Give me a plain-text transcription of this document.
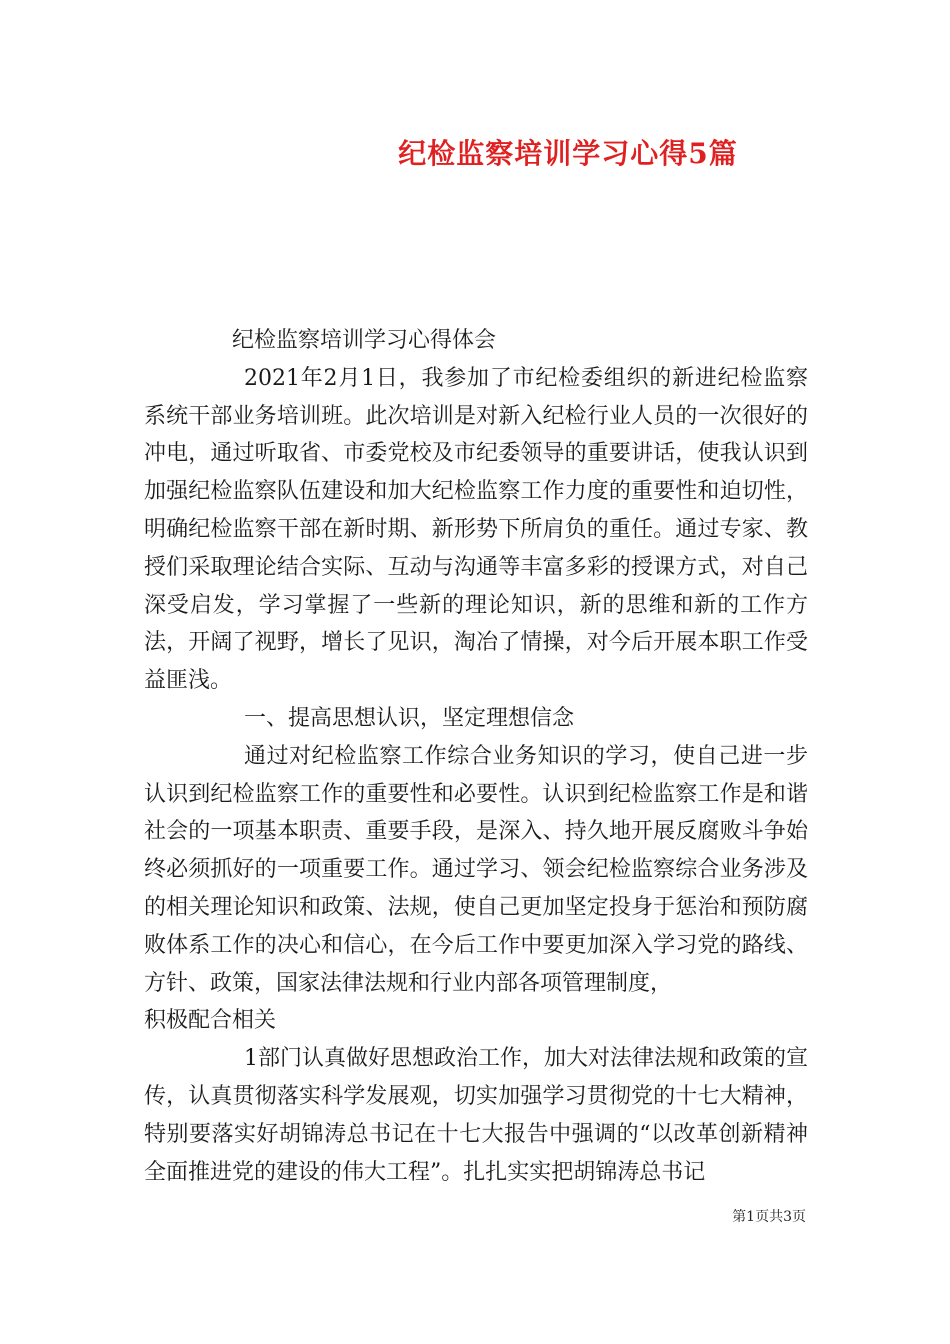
纪检监察培训学习心得5篇

纪检监察培训学习心得体会

2021年2月1日，我参加了市纪检委组织的新进纪检监察系统干部业务培训班。此次培训是对新入纪检行业人员的一次很好的冲电，通过听取省、市委党校及市纪委领导的重要讲话，使我认识到加强纪检监察队伍建设和加大纪检监察工作力度的重要性和迫切性，明确纪检监察干部在新时期、新形势下所肩负的重任。通过专家、教授们采取理论结合实际、互动与沟通等丰富多彩的授课方式，对自己深受启发，学习掌握了一些新的理论知识，新的思维和新的工作方法，开阔了视野，增长了见识，淘冶了情操，对今后开展本职工作受益匪浅。

一、提高思想认识，坚定理想信念

通过对纪检监察工作综合业务知识的学习，使自己进一步认识到纪检监察工作的重要性和必要性。认识到纪检监察工作是和谐社会的一项基本职责、重要手段，是深入、持久地开展反腐败斗争始终必须抓好的一项重要工作。通过学习、领会纪检监察综合业务涉及的相关理论知识和政策、法规，使自己更加坚定投身于惩治和预防腐败体系工作的决心和信心，在今后工作中要更加深入学习党的路线、方针、政策，国家法律法规和行业内部各项管理制度，

积极配合相关

1部门认真做好思想政治工作，加大对法律法规和政策的宣传，认真贯彻落实科学发展观，切实加强学习贯彻党的十七大精神，特别要落实好胡锦涛总书记在十七大报告中强调的“以改革创新精神全面推进党的建设的伟大工程”。扎扎实实把胡锦涛总书记

第1页共3页
